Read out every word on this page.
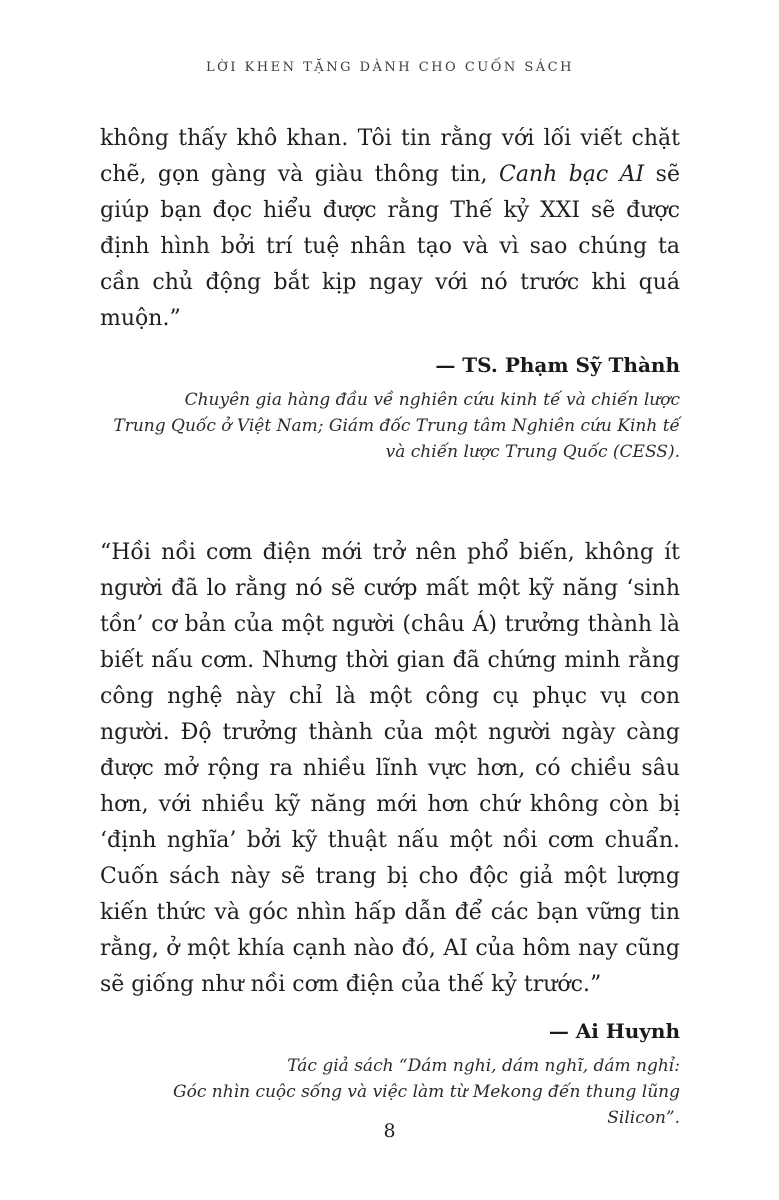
LỜI KHEN TẶNG DÀNH CHO CUỐN SÁCH

không thấy khô khan. Tôi tin rằng với lối viết chặt chẽ, gọn gàng và giàu thông tin, Canh bạc AI sẽ giúp bạn đọc hiểu được rằng Thế kỷ XXI sẽ được định hình bởi trí tuệ nhân tạo và vì sao chúng ta cần chủ động bắt kịp ngay với nó trước khi quá muộn.”

— TS. Phạm Sỹ Thành
Chuyên gia hàng đầu về nghiên cứu kinh tế và chiến lược
Trung Quốc ở Việt Nam; Giám đốc Trung tâm Nghiên cứu Kinh tế
và chiến lược Trung Quốc (CESS).

“Hồi nồi cơm điện mới trở nên phổ biến, không ít người đã lo rằng nó sẽ cướp mất một kỹ năng ‘sinh tồn’ cơ bản của một người (châu Á) trưởng thành là biết nấu cơm. Nhưng thời gian đã chứng minh rằng công nghệ này chỉ là một công cụ phục vụ con người. Độ trưởng thành của một người ngày càng được mở rộng ra nhiều lĩnh vực hơn, có chiều sâu hơn, với nhiều kỹ năng mới hơn chứ không còn bị ‘định nghĩa’ bởi kỹ thuật nấu một nồi cơm chuẩn. Cuốn sách này sẽ trang bị cho độc giả một lượng kiến thức và góc nhìn hấp dẫn để các bạn vững tin rằng, ở một khía cạnh nào đó, AI của hôm nay cũng sẽ giống như nồi cơm điện của thế kỷ trước.”

— Ai Huynh
Tác giả sách “Dám nghi, dám nghĩ, dám nghỉ:
Góc nhìn cuộc sống và việc làm từ Mekong đến thung lũng Silicon”.
8
